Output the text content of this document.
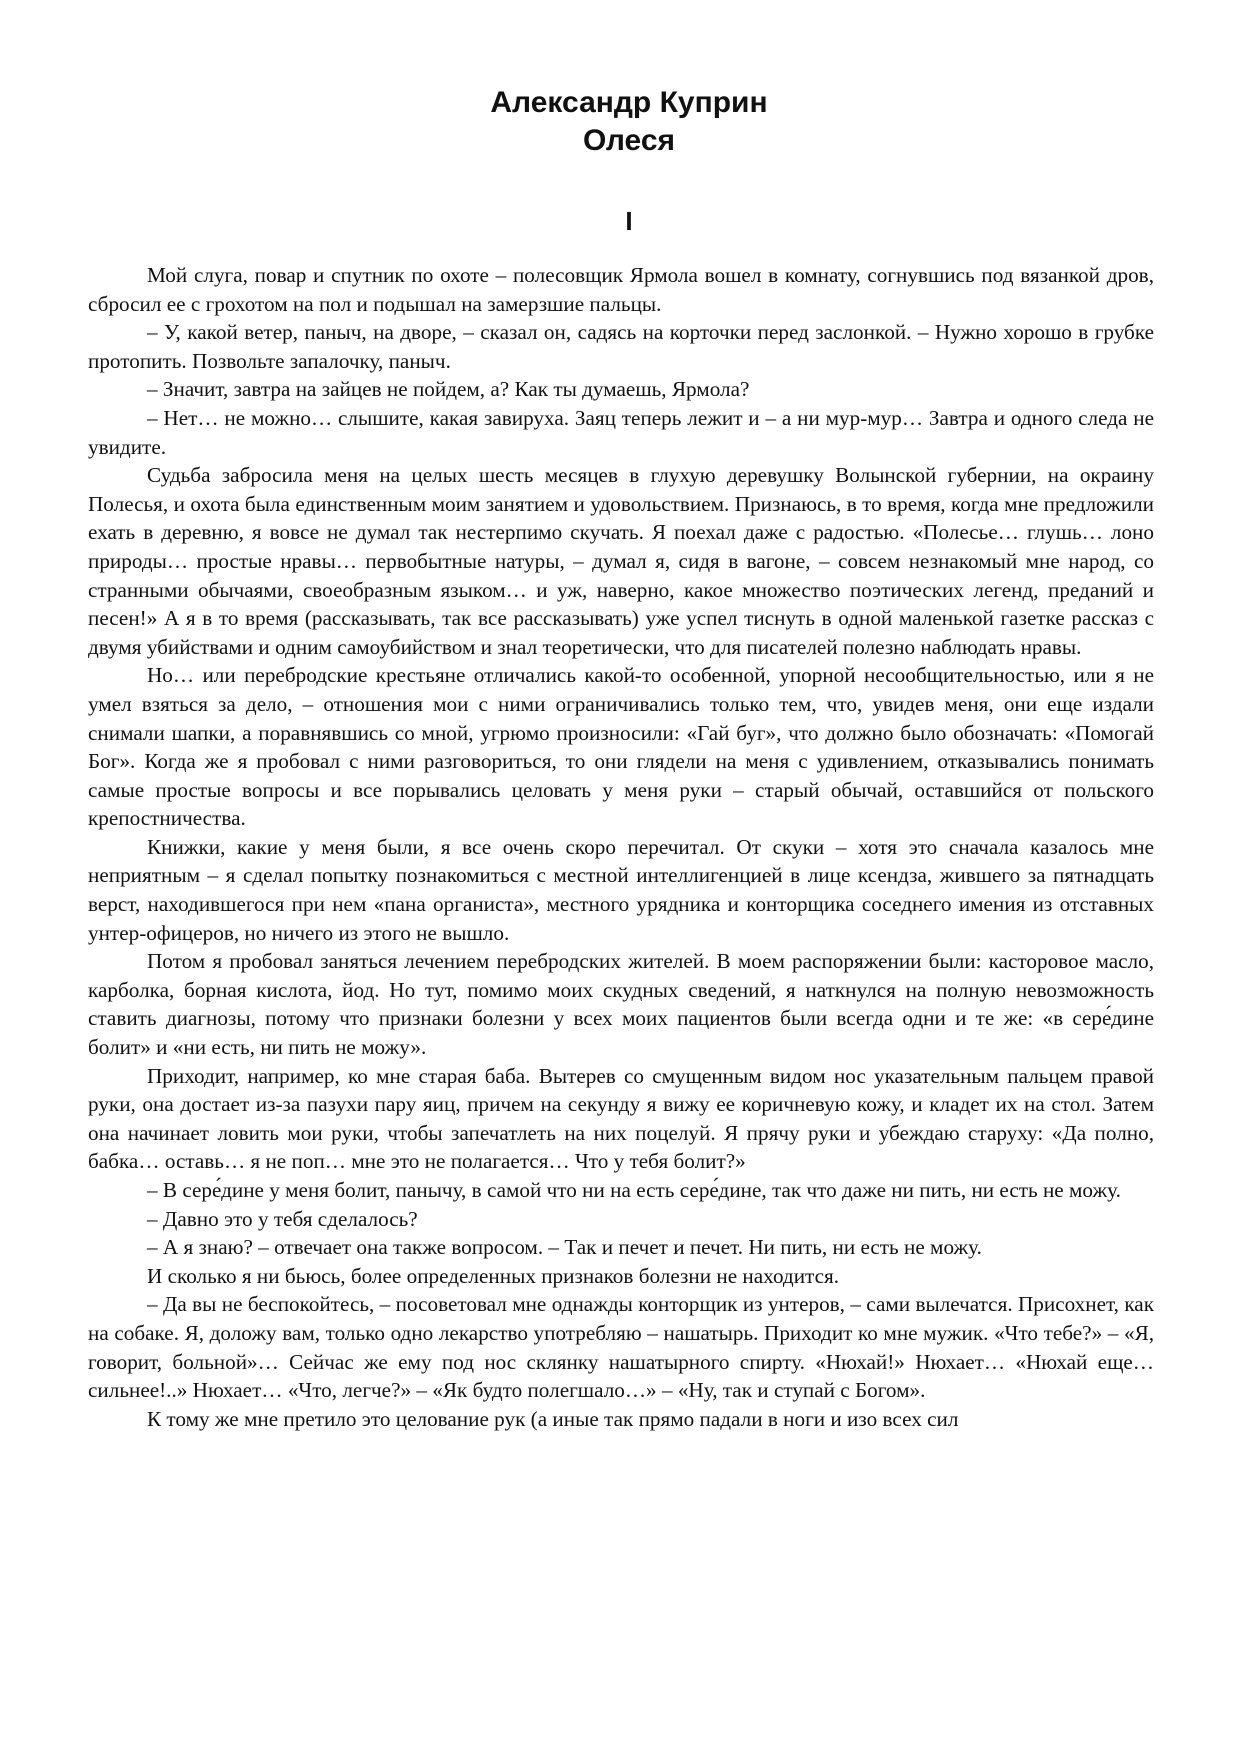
Александр Куприн
Олеся
I

Мой слуга, повар и спутник по охоте – полесовщик Ярмола вошел в комнату, согнувшись под вязанкой дров, сбросил ее с грохотом на пол и подышал на замерзшие пальцы.

– У, какой ветер, паныч, на дворе, – сказал он, садясь на корточки перед заслонкой. – Нужно хорошо в грубке протопить. Позвольте запалочку, паныч.

– Значит, завтра на зайцев не пойдем, а? Как ты думаешь, Ярмола?

– Нет… не можно… слышите, какая завируха. Заяц теперь лежит и – а ни мур-мур… Завтра и одного следа не увидите.

Судьба забросила меня на целых шесть месяцев в глухую деревушку Волынской губернии, на окраину Полесья, и охота была единственным моим занятием и удовольствием. Признаюсь, в то время, когда мне предложили ехать в деревню, я вовсе не думал так нестерпимо скучать. Я поехал даже с радостью. «Полесье… глушь… лоно природы… простые нравы… первобытные натуры, – думал я, сидя в вагоне, – совсем незнакомый мне народ, со странными обычаями, своеобразным языком… и уж, наверно, какое множество поэтических легенд, преданий и песен!» А я в то время (рассказывать, так все рассказывать) уже успел тиснуть в одной маленькой газетке рассказ с двумя убийствами и одним самоубийством и знал теоретически, что для писателей полезно наблюдать нравы.

Но… или перебродские крестьяне отличались какой-то особенной, упорной несообщительностью, или я не умел взяться за дело, – отношения мои с ними ограничивались только тем, что, увидев меня, они еще издали снимали шапки, а поравнявшись со мной, угрюмо произносили: «Гай буг», что должно было обозначать: «Помогай Бог». Когда же я пробовал с ними разговориться, то они глядели на меня с удивлением, отказывались понимать самые простые вопросы и все порывались целовать у меня руки – старый обычай, оставшийся от польского крепостничества.

Книжки, какие у меня были, я все очень скоро перечитал. От скуки – хотя это сначала казалось мне неприятным – я сделал попытку познакомиться с местной интеллигенцией в лице ксендза, жившего за пятнадцать верст, находившегося при нем «пана органиста», местного урядника и конторщика соседнего имения из отставных унтер-офицеров, но ничего из этого не вышло.

Потом я пробовал заняться лечением перебродских жителей. В моем распоряжении были: касторовое масло, карболка, борная кислота, йод. Но тут, помимо моих скудных сведений, я наткнулся на полную невозможность ставить диагнозы, потому что признаки болезни у всех моих пациентов были всегда одни и те же: «в сере́дине болит» и «ни есть, ни пить не можу».

Приходит, например, ко мне старая баба. Вытерев со смущенным видом нос указательным пальцем правой руки, она достает из-за пазухи пару яиц, причем на секунду я вижу ее коричневую кожу, и кладет их на стол. Затем она начинает ловить мои руки, чтобы запечатлеть на них поцелуй. Я прячу руки и убеждаю старуху: «Да полно, бабка… оставь… я не поп… мне это не полагается… Что у тебя болит?»

– В сере́дине у меня болит, панычу, в самой что ни на есть сере́дине, так что даже ни пить, ни есть не можу.

– Давно это у тебя сделалось?

– А я знаю? – отвечает она также вопросом. – Так и печет и печет. Ни пить, ни есть не можу.

И сколько я ни бьюсь, более определенных признаков болезни не находится.

– Да вы не беспокойтесь, – посоветовал мне однажды конторщик из унтеров, – сами вылечатся. Присохнет, как на собаке. Я, доложу вам, только одно лекарство употребляю – нашатырь. Приходит ко мне мужик. «Что тебе?» – «Я, говорит, больной»… Сейчас же ему под нос склянку нашатырного спирту. «Нюхай!» Нюхает… «Нюхай еще… сильнее!..» Нюхает… «Что, легче?» – «Як будто полегшало…» – «Ну, так и ступай с Богом».

К тому же мне претило это целование рук (а иные так прямо падали в ноги и изо всех сил
